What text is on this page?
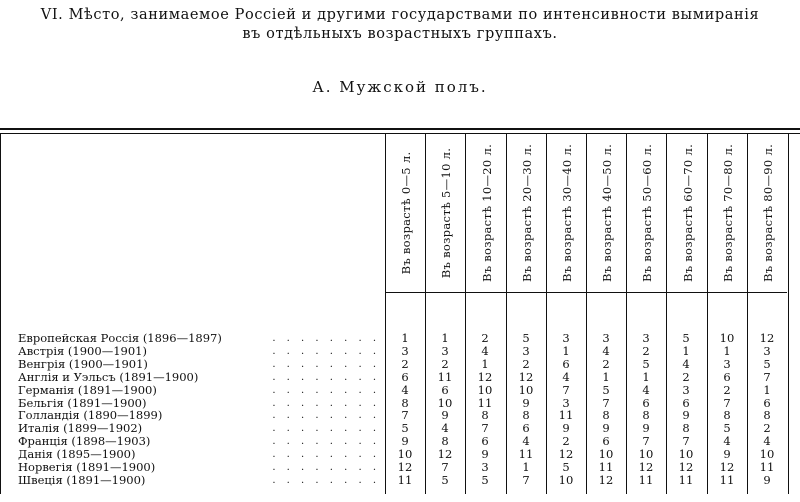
VI. Мѣсто, занимаемое Россіей и другими государствами по интенсивности вымиранія
въ отдѣльныхъ возрастныхъ группахъ.
А. Мужской полъ.
Въ возрастѣ 0—5 л. Въ возрастѣ 5—10 л. Въ возрастѣ 10—20 л. Въ возрастѣ 20—30 л. Въ возрастѣ 30—40 л. Въ возрастѣ 40—50 л. Въ возрастѣ 50—60 л. Въ возрастѣ 60—70 л. Въ возрастѣ 70—80 л. Въ возрастѣ 80—90 л.
Европейская Россія (1896—1897)	. . . . . . . .	1	1	2	5	3	3	3	5	10	12
Австрія (1900—1901)	. . . . . . . .	3	3	4	3	1	4	2	1	1	3
Венгрія (1900—1901)	. . . . . . . .	2	2	1	2	6	2	5	4	3	5
Англія и Уэльсъ (1891—1900)	. . . . . . . .	6	11	12	12	4	1	1	2	6	7
Германія (1891—1900)	. . . . . . . .	4	6	10	10	7	5	4	3	2	1
Бельгія (1891—1900)	. . . . . . . .	8	10	11	9	3	7	6	6	7	6
Голландія (1890—1899)	. . . . . . . .	7	9	8	8	11	8	8	9	8	8
Италія (1899—1902)	. . . . . . . .	5	4	7	6	9	9	9	8	5	2
Франція (1898—1903)	. . . . . . . .	9	8	6	4	2	6	7	7	4	4
Данія (1895—1900)	. . . . . . . .	10	12	9	11	12	10	10	10	9	10
Норвегія (1891—1900)	. . . . . . . .	12	7	3	1	5	11	12	12	12	11
Швеція (1891—1900)	. . . . . . . .	11	5	5	7	10	12	11	11	11	9
